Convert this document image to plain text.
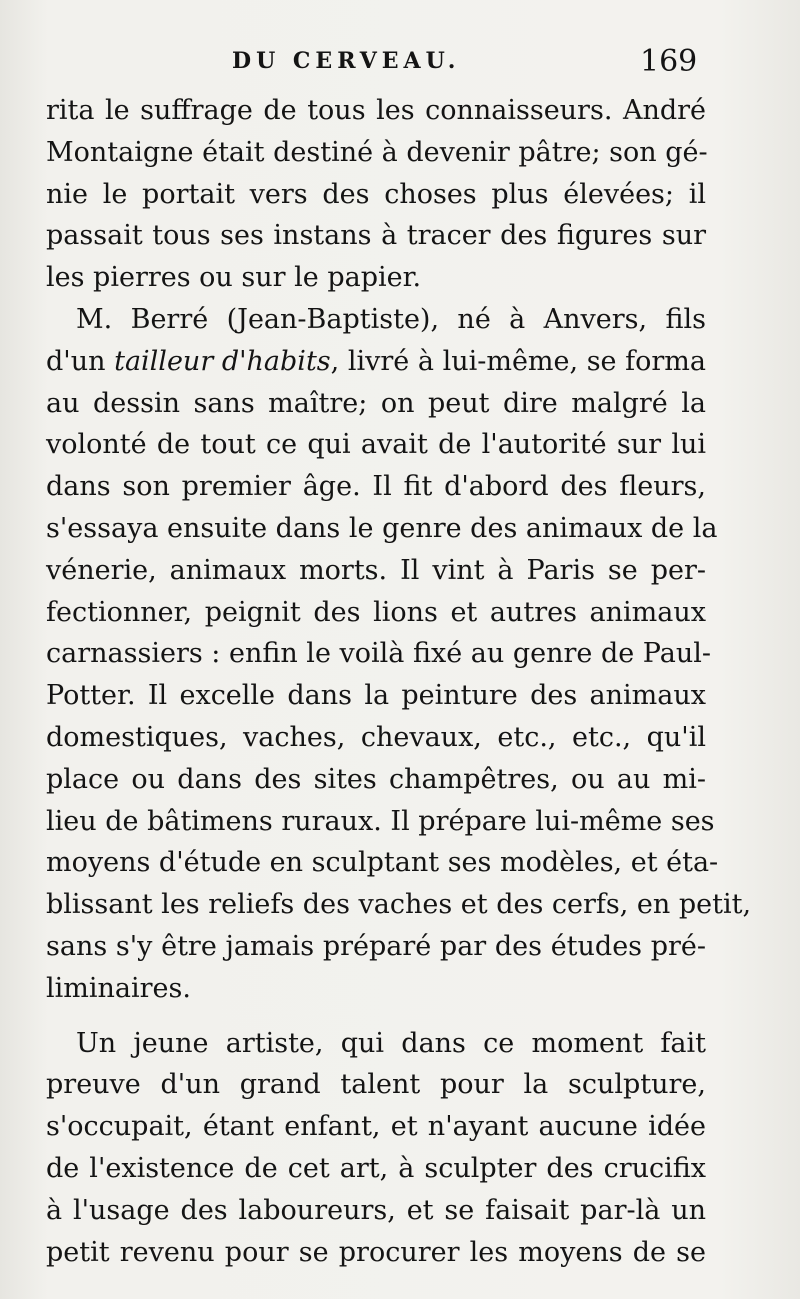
DU CERVEAU.	169
rita le suffrage de tous les connaisseurs. André
Montaigne était destiné à devenir pâtre; son gé-
nie le portait vers des choses plus élevées; il
passait tous ses instans à tracer des figures sur
les pierres ou sur le papier.
M. Berré (Jean-Baptiste), né à Anvers, fils
d'un tailleur d'habits, livré à lui-même, se forma
au dessin sans maître; on peut dire malgré la
volonté de tout ce qui avait de l'autorité sur lui
dans son premier âge. Il fit d'abord des fleurs,
s'essaya ensuite dans le genre des animaux de la
vénerie, animaux morts. Il vint à Paris se per-
fectionner, peignit des lions et autres animaux
carnassiers : enfin le voilà fixé au genre de Paul-
Potter. Il excelle dans la peinture des animaux
domestiques, vaches, chevaux, etc., etc., qu'il
place ou dans des sites champêtres, ou au mi-
lieu de bâtimens ruraux. Il prépare lui-même ses
moyens d'étude en sculptant ses modèles, et éta-
blissant les reliefs des vaches et des cerfs, en petit,
sans s'y être jamais préparé par des études pré-
liminaires.
Un jeune artiste, qui dans ce moment fait
preuve d'un grand talent pour la sculpture,
s'occupait, étant enfant, et n'ayant aucune idée
de l'existence de cet art, à sculpter des crucifix
à l'usage des laboureurs, et se faisait par-là un
petit revenu pour se procurer les moyens de se
